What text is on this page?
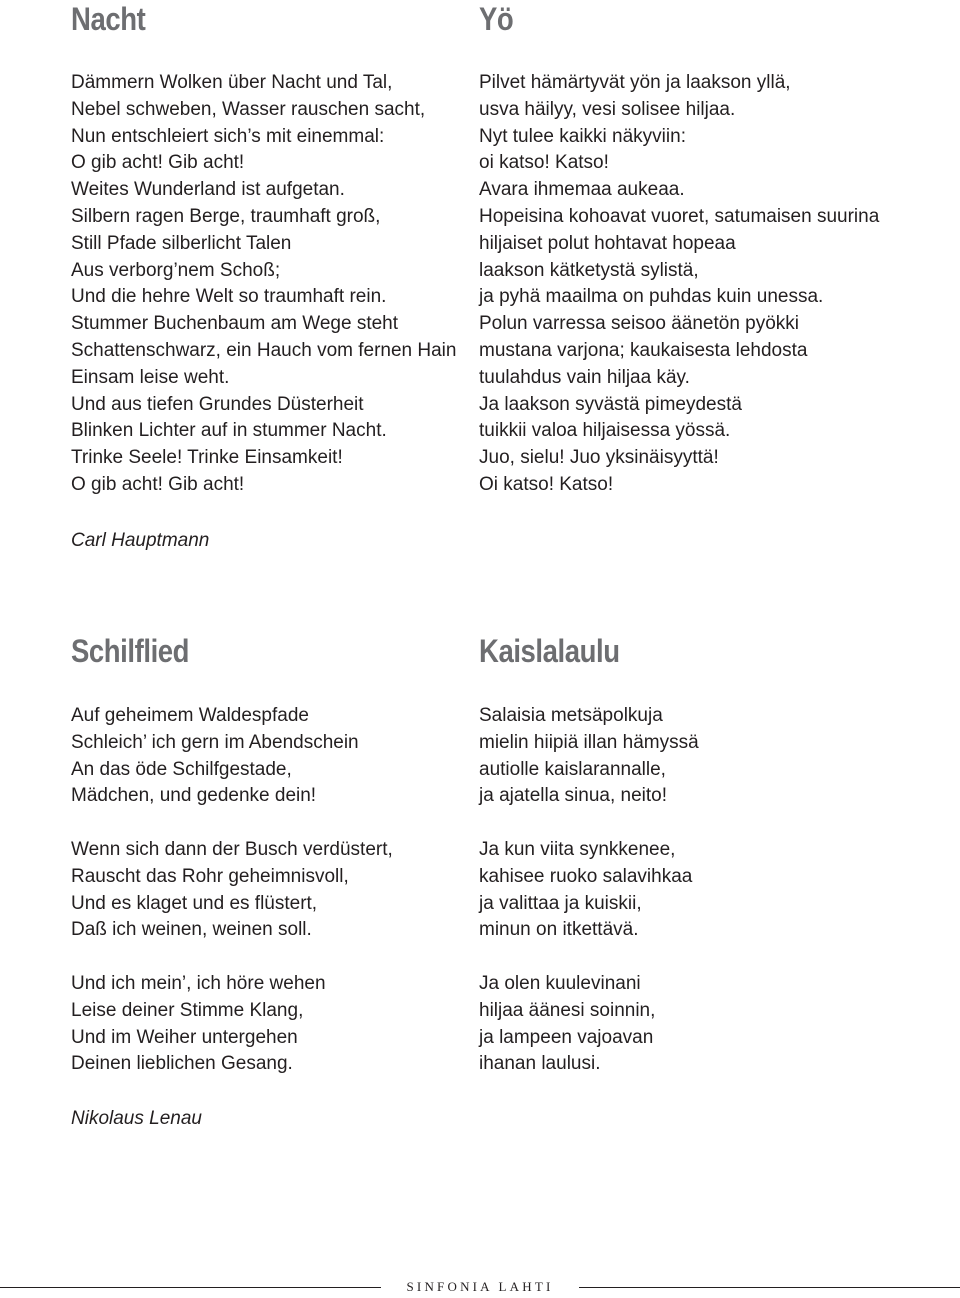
Nacht	Yö
Dämmern Wolken über Nacht und Tal,
Nebel schweben, Wasser rauschen sacht,
Nun entschleiert sich’s mit einemmal:
O gib acht! Gib acht!
Weites Wunderland ist aufgetan.
Silbern ragen Berge, traumhaft groß,
Still Pfade silberlicht Talen
Aus verborg’nem Schoß;
Und die hehre Welt so traumhaft rein.
Stummer Buchenbaum am Wege steht
Schattenschwarz, ein Hauch vom fernen Hain
Einsam leise weht.
Und aus tiefen Grundes Düsterheit
Blinken Lichter auf in stummer Nacht.
Trinke Seele! Trinke Einsamkeit!
O gib acht! Gib acht!
Pilvet hämärtyvät yön ja laakson yllä,
usva häilyy, vesi solisee hiljaa.
Nyt tulee kaikki näkyviin:
oi katso! Katso!
Avara ihmemaa aukeaa.
Hopeisina kohoavat vuoret, satumaisen suurina
hiljaiset polut hohtavat hopeaa
laakson kätketystä sylistä,
ja pyhä maailma on puhdas kuin unessa.
Polun varressa seisoo äänetön pyökki
mustana varjona; kaukaisesta lehdosta
tuulahdus vain hiljaa käy.
Ja laakson syvästä pimeydestä
tuikkii valoa hiljaisessa yössä.
Juo, sielu! Juo yksinäisyyttä!
Oi katso! Katso!

Carl Hauptmann

Schilflied	Kaislalaulu
Auf geheimem Waldespfade
Schleich’ ich gern im Abendschein
An das öde Schilfgestade,
Mädchen, und gedenke dein!
Wenn sich dann der Busch verdüstert,
Rauscht das Rohr geheimnisvoll,
Und es klaget und es flüstert,
Daß ich weinen, weinen soll.
Und ich mein’, ich höre wehen
Leise deiner Stimme Klang,
Und im Weiher untergehen
Deinen lieblichen Gesang.
Salaisia metsäpolkuja
mielin hiipiä illan hämyssä
autiolle kaislarannalle,
ja ajatella sinua, neito!
Ja kun viita synkkenee,
kahisee ruoko salavihkaa
ja valittaa ja kuiskii,
minun on itkettävä.
Ja olen kuulevinani
hiljaa äänesi soinnin,
ja lampeen vajoavan
ihanan laulusi.

Nikolaus Lenau

SINFONIA LAHTI
